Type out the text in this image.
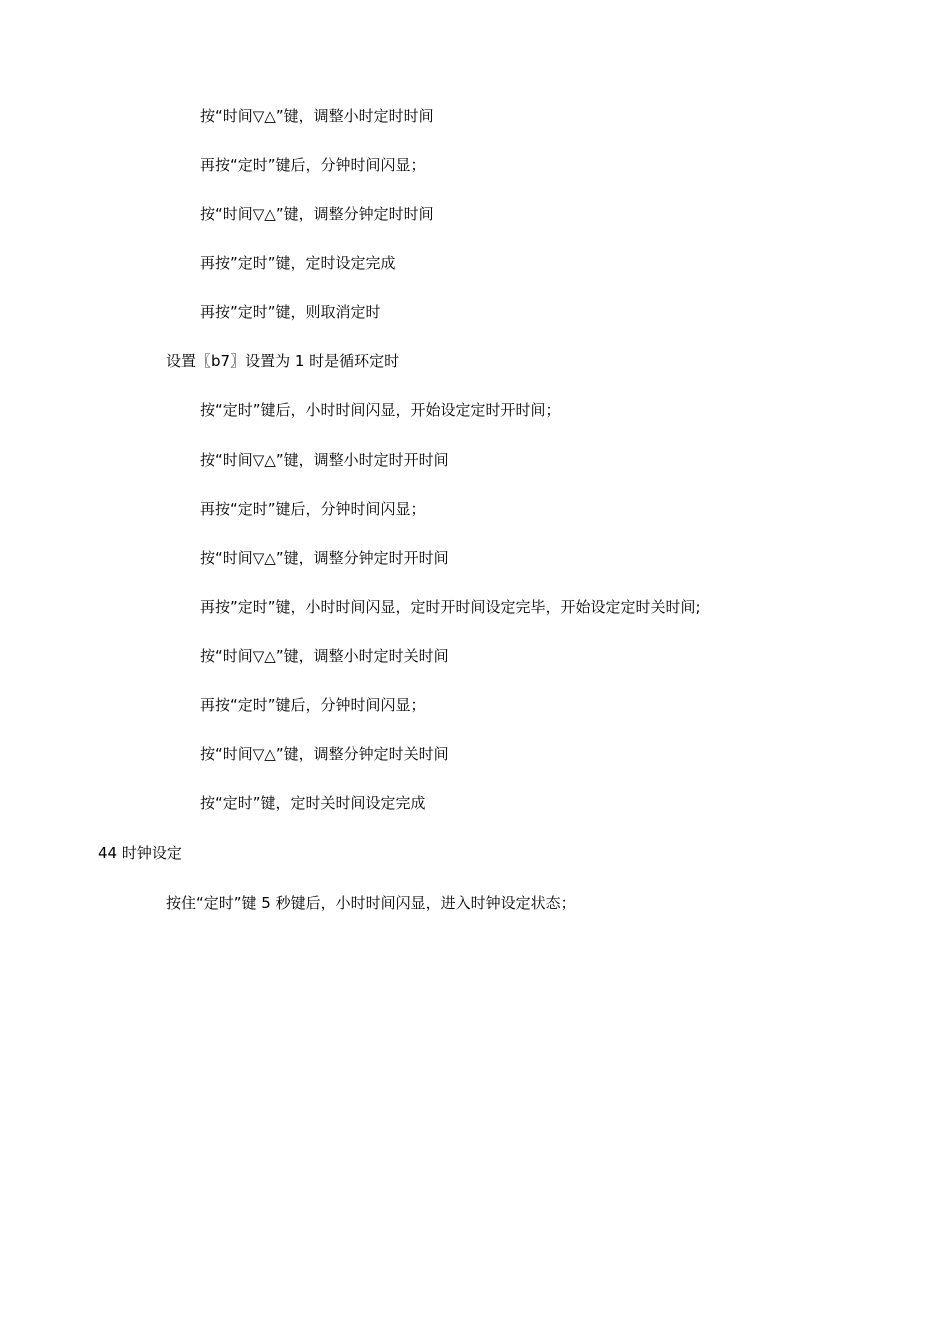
按“时间▽△”键，调整小时定时时间
再按“定时”键后，分钟时间闪显；
按“时间▽△”键，调整分钟定时时间
再按”定时”键，定时设定完成
再按”定时”键，则取消定时
设置〖b7〗设置为 1 时是循环定时
按“定时”键后，小时时间闪显，开始设定定时开时间；
按“时间▽△”键，调整小时定时开时间
再按“定时”键后，分钟时间闪显；
按“时间▽△”键，调整分钟定时开时间
再按”定时”键，小时时间闪显，定时开时间设定完毕，开始设定定时关时间;
按“时间▽△”键，调整小时定时关时间
再按“定时”键后，分钟时间闪显；
按“时间▽△”键，调整分钟定时关时间
按“定时”键，定时关时间设定完成
44 时钟设定
按住“定时”键 5 秒键后，小时时间闪显，进入时钟设定状态；
